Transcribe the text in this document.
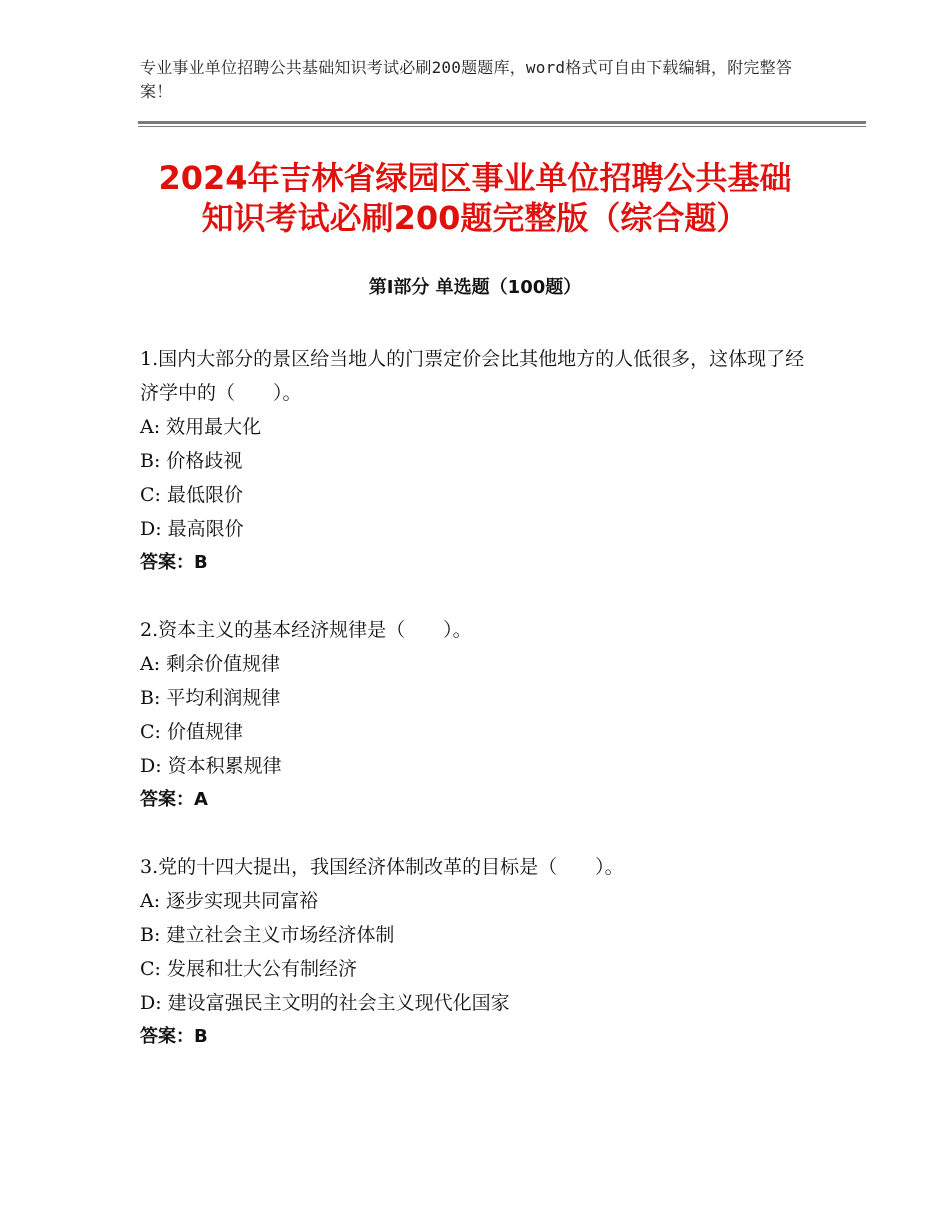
专业事业单位招聘公共基础知识考试必刷200题题库，word格式可自由下载编辑，附完整答案！
2024年吉林省绿园区事业单位招聘公共基础
知识考试必刷200题完整版（综合题）
第Ⅰ部分 单选题（100题）

1.国内大部分的景区给当地人的门票定价会比其他地方的人低很多，这体现了经济学中的（　　）。

A: 效用最大化

B: 价格歧视

C: 最低限价

D: 最高限价

答案：B

2.资本主义的基本经济规律是（　　）。

A: 剩余价值规律

B: 平均利润规律

C: 价值规律

D: 资本积累规律

答案：A

3.党的十四大提出，我国经济体制改革的目标是（　　）。

A: 逐步实现共同富裕

B: 建立社会主义市场经济体制

C: 发展和壮大公有制经济

D: 建设富强民主文明的社会主义现代化国家

答案：B
